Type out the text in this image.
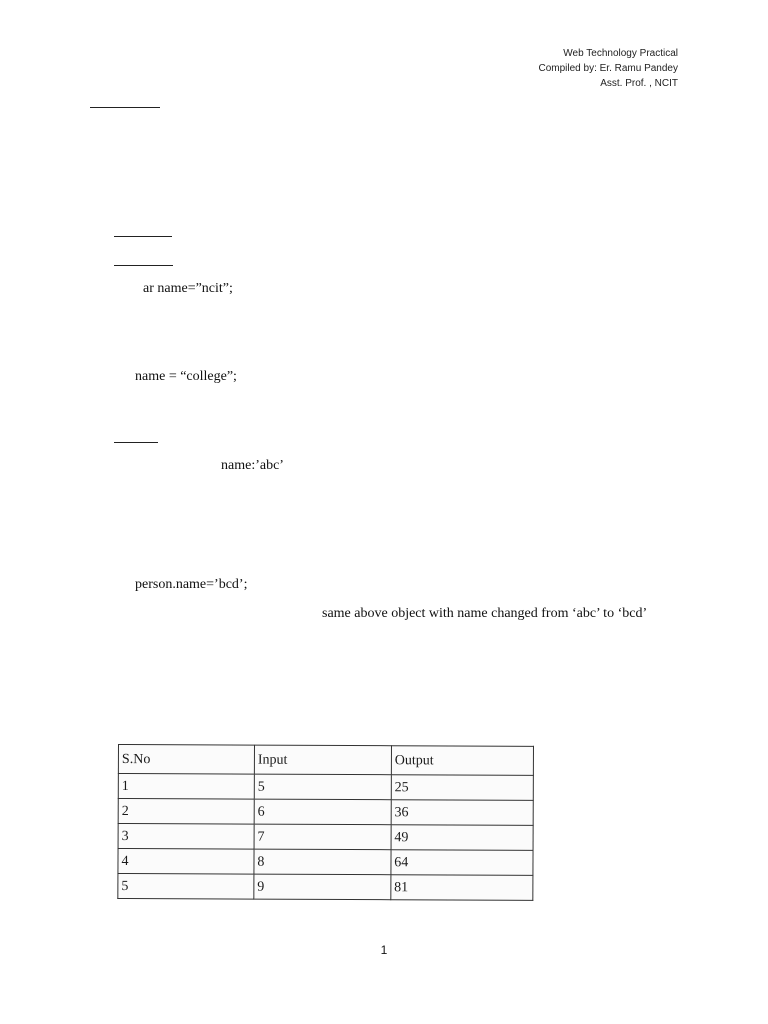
Web Technology Practical
Compiled by: Er. Ramu Pandey
Asst. Prof. , NCIT
ar name=”ncit”;
name = “college”;
name:’abc’
person.name=’bcd’;
same above object with name changed from ‘abc’ to ‘bcd’
S.No	Input	Output
1	5	25
2	6	36
3	7	49
4	8	64
5	9	81
1
